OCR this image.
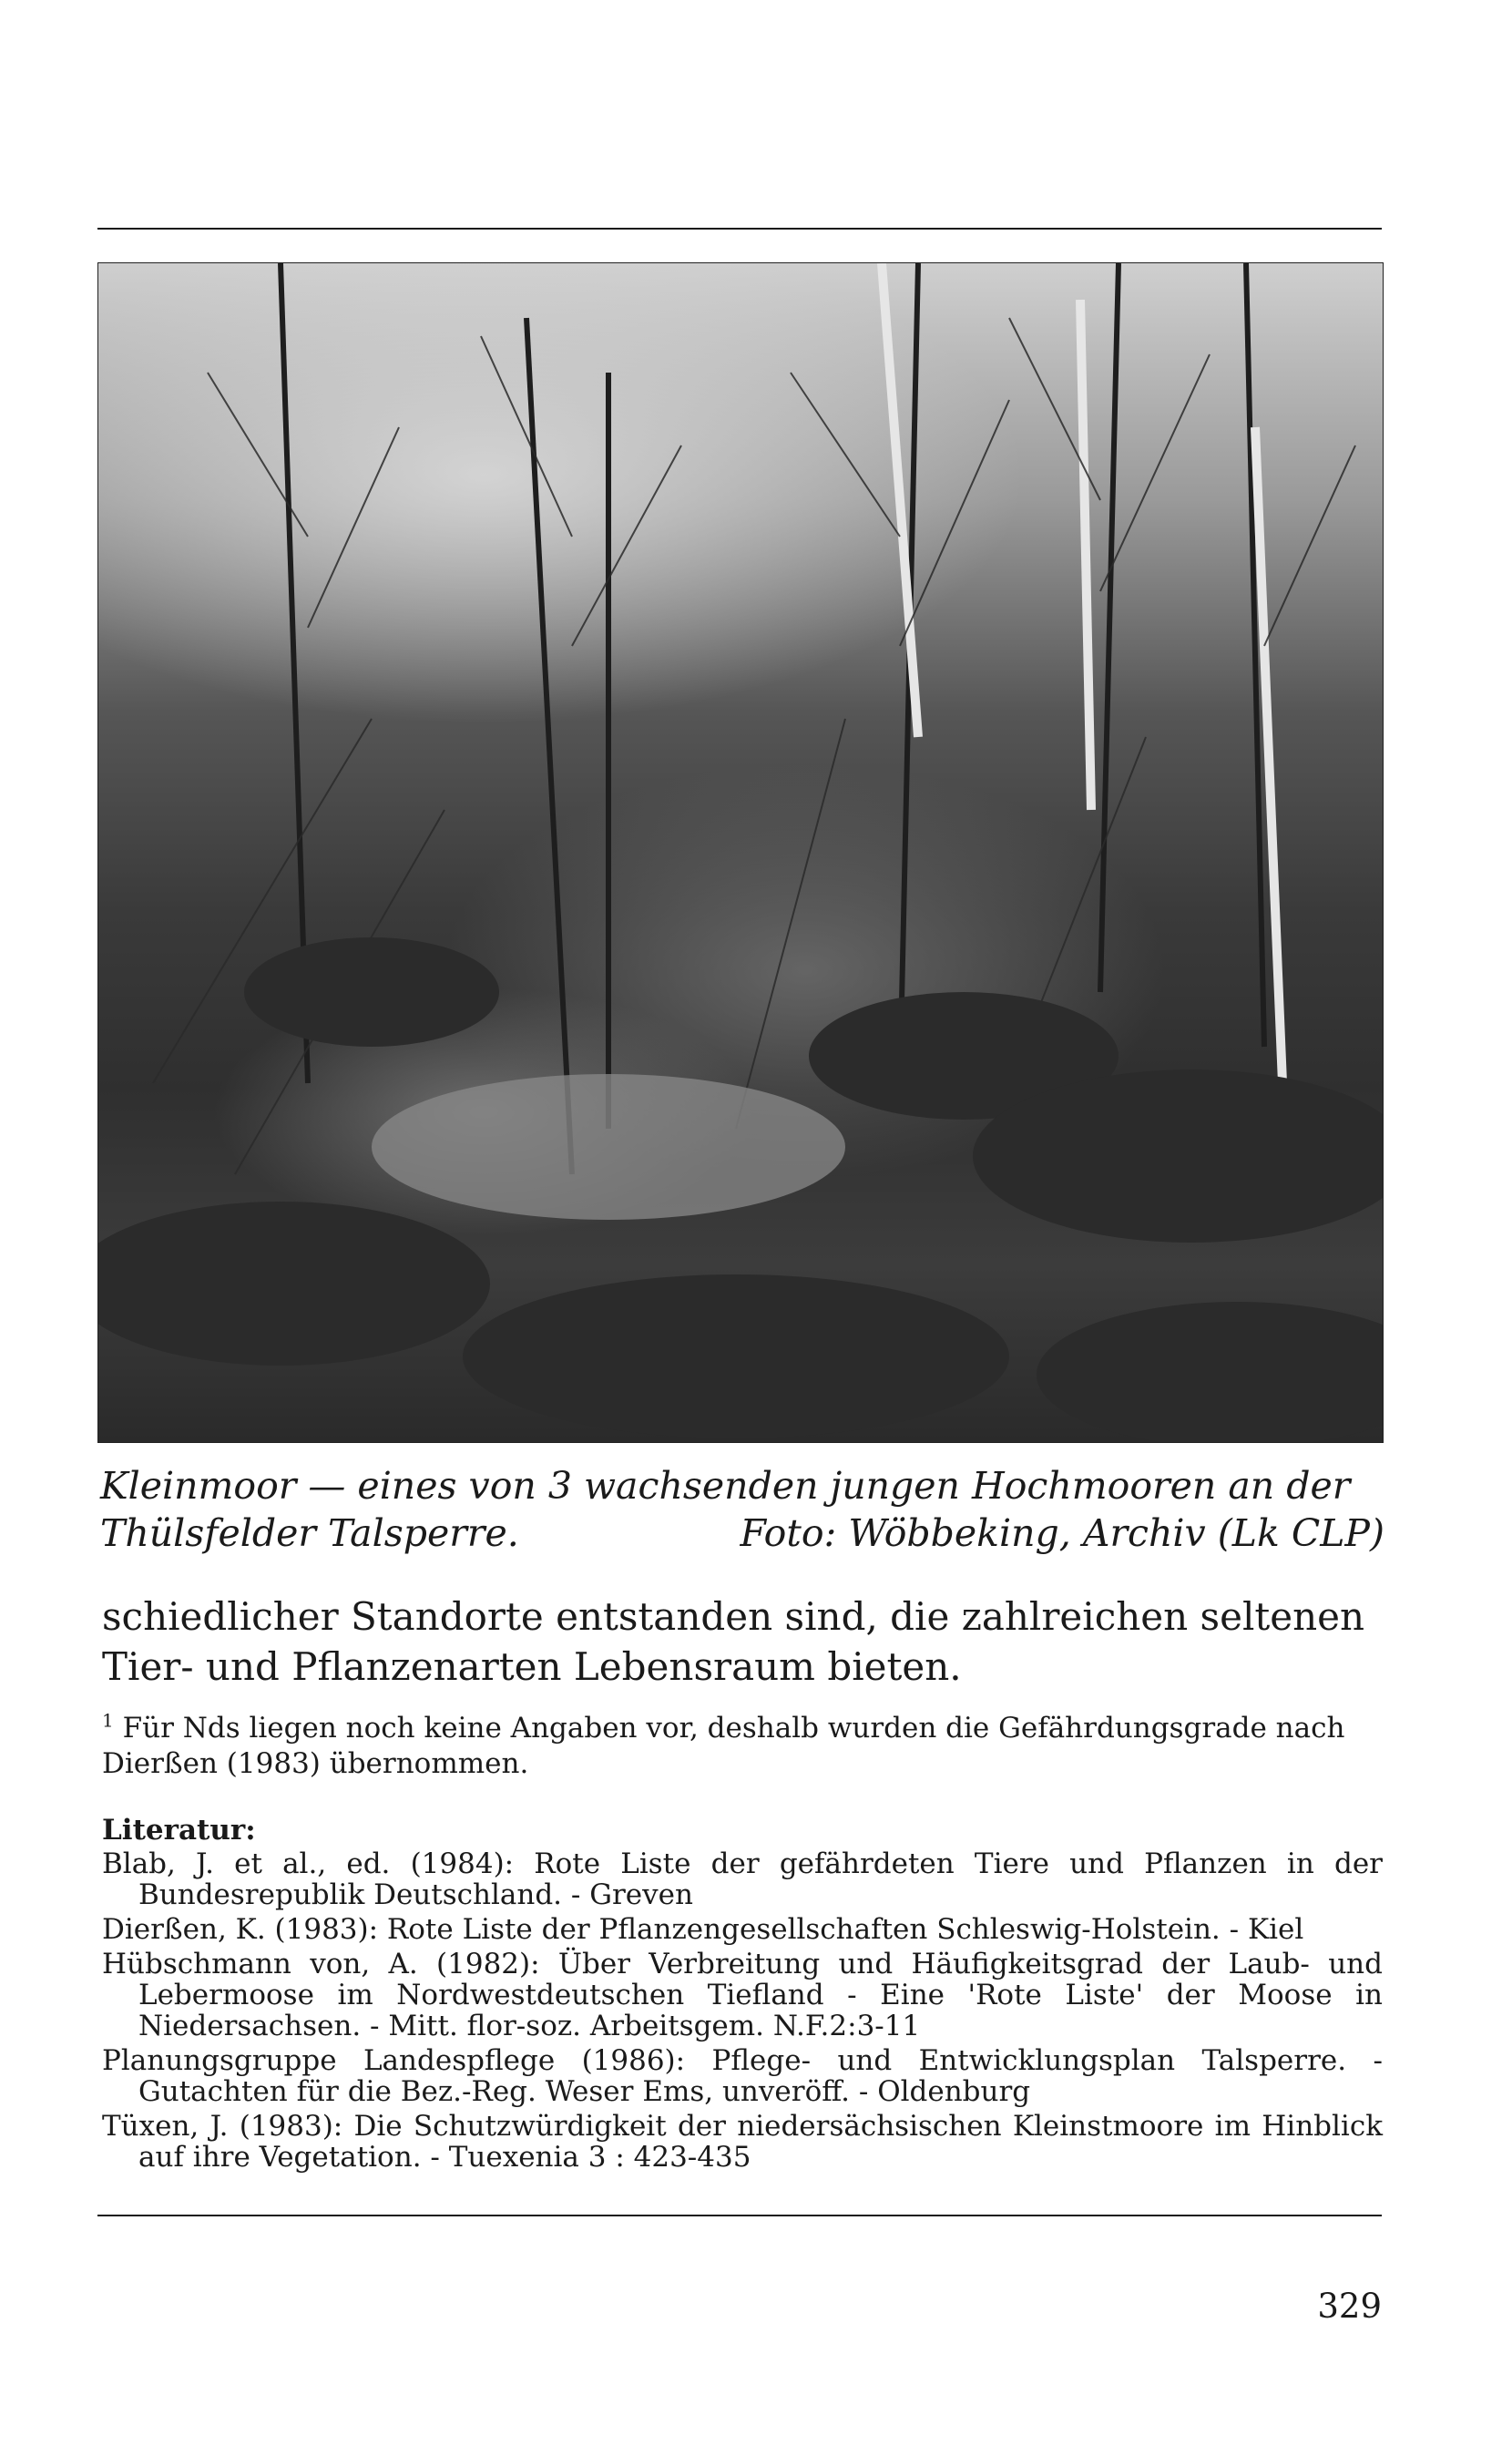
Kleinmoor — eines von 3 wachsenden jungen Hochmooren an der

Thülsfelder Talsperre.	Foto: Wöbbeking, Archiv (Lk CLP)

schiedlicher Standorte entstanden sind, die zahlreichen seltenen

Tier- und Pflanzenarten Lebensraum bieten.

$^1$ Für Nds liegen noch keine Angaben vor, deshalb wurden die Gefährdungsgrade nach Dierßen (1983) übernommen.

Literatur:

Blab, J. et al., ed. (1984): Rote Liste der gefährdeten Tiere und Pflanzen in der Bundesrepublik Deutschland. - Greven
Dierßen, K. (1983): Rote Liste der Pflanzengesellschaften Schleswig-Holstein. - Kiel
Hübschmann von, A. (1982): Über Verbreitung und Häufigkeitsgrad der Laub- und Lebermoose im Nordwestdeutschen Tiefland - Eine 'Rote Liste' der Moose in Niedersachsen. - Mitt. flor-soz. Arbeitsgem. N.F.2:3-11
Planungsgruppe Landespflege (1986): Pflege- und Entwicklungsplan Talsperre. - Gutachten für die Bez.-Reg. Weser Ems, unveröff. - Oldenburg
Tüxen, J. (1983): Die Schutzwürdigkeit der niedersächsischen Kleinstmoore im Hinblick auf ihre Vegetation. - Tuexenia 3 : 423-435

329
